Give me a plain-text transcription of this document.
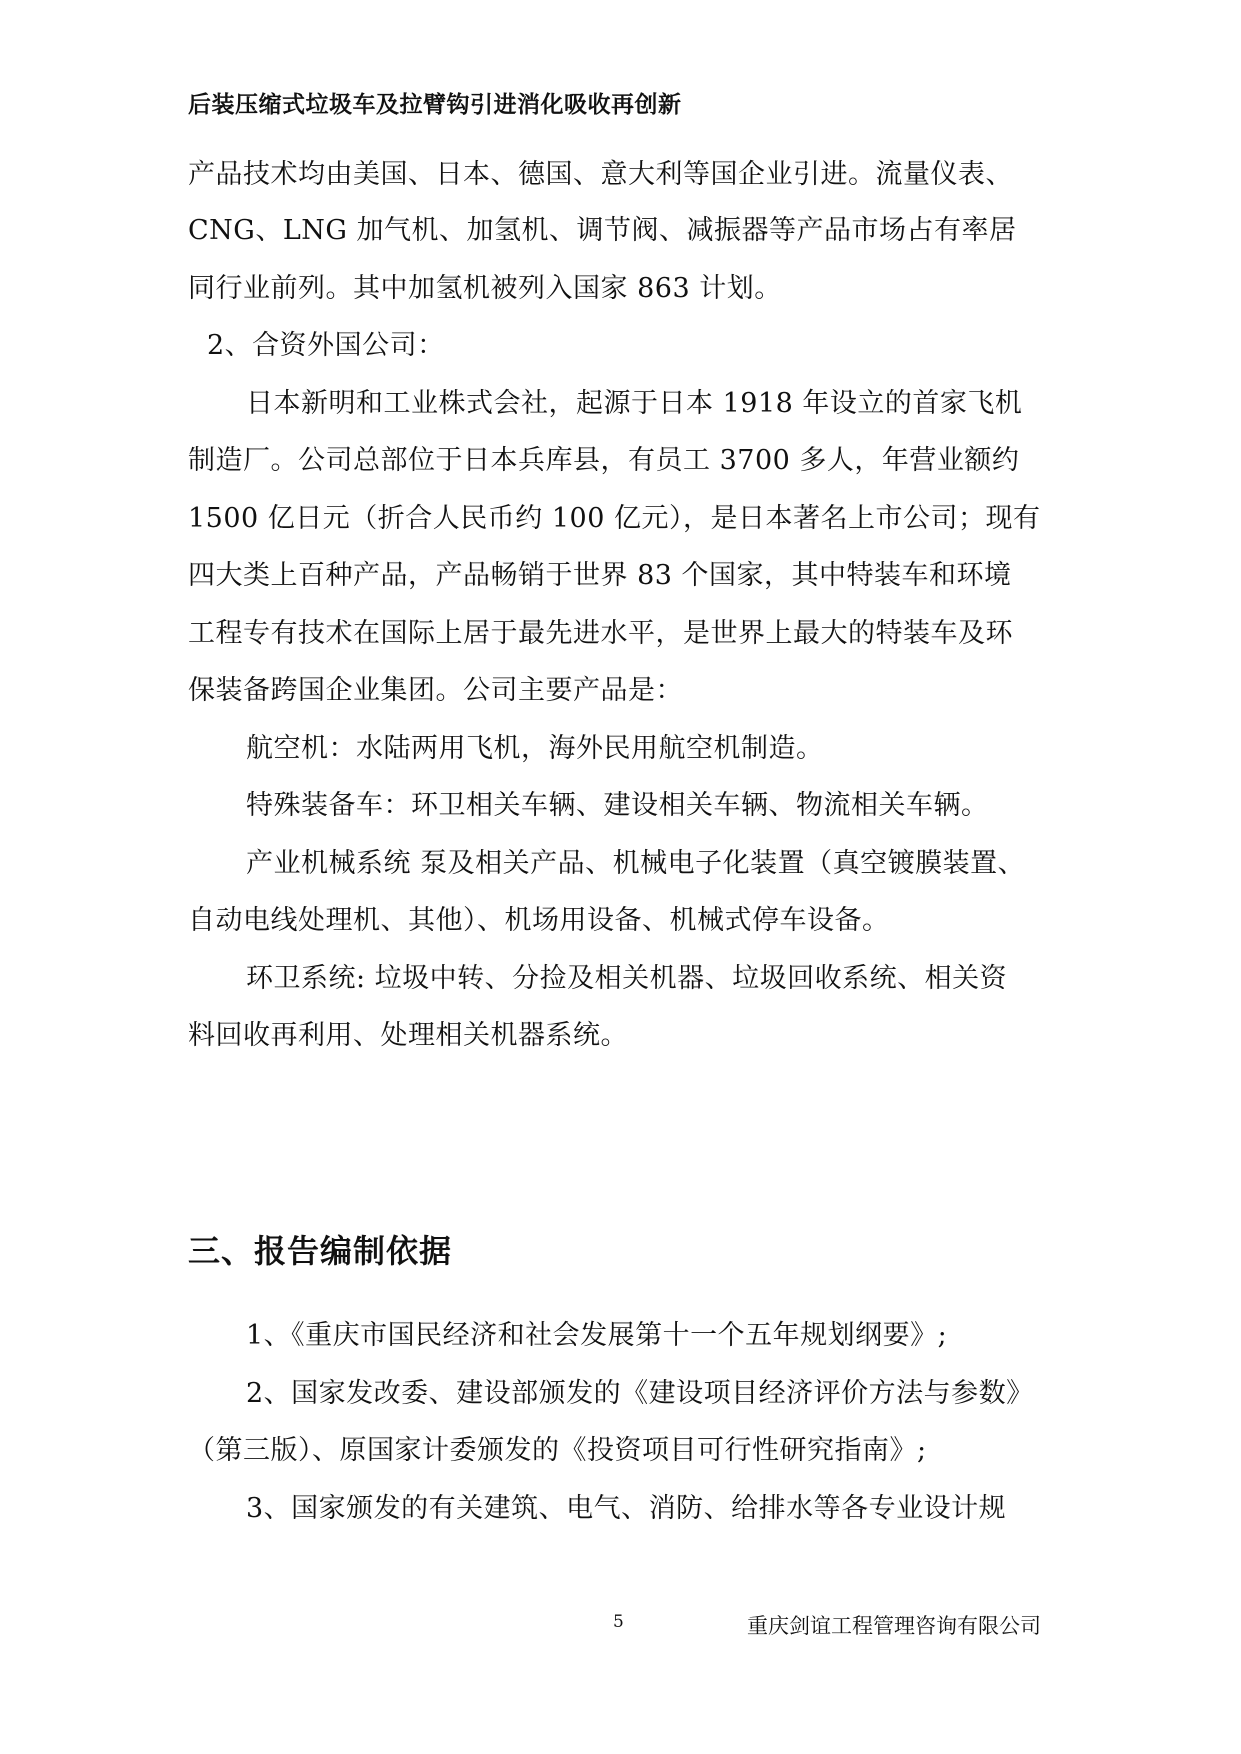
后装压缩式垃圾车及拉臂钩引进消化吸收再创新
产品技术均由美国、日本、德国、意大利等国企业引进。流量仪表、
CNG、LNG 加气机、加氢机、调节阀、减振器等产品市场占有率居
同行业前列。其中加氢机被列入国家 863 计划。
2、合资外国公司：
日本新明和工业株式会社，起源于日本 1918 年设立的首家飞机
制造厂。公司总部位于日本兵库县，有员工 3700 多人，年营业额约
1500 亿日元（折合人民币约 100 亿元），是日本著名上市公司；现有
四大类上百种产品，产品畅销于世界 83 个国家，其中特装车和环境
工程专有技术在国际上居于最先进水平，是世界上最大的特装车及环
保装备跨国企业集团。公司主要产品是：
航空机：水陆两用飞机，海外民用航空机制造。
特殊装备车：环卫相关车辆、建设相关车辆、物流相关车辆。
产业机械系统 泵及相关产品、机械电子化装置（真空镀膜装置、
自动电线处理机、其他）、机场用设备、机械式停车设备。
环卫系统: 垃圾中转、分捡及相关机器、垃圾回收系统、相关资
料回收再利用、处理相关机器系统。
三、报告编制依据
1、《重庆市国民经济和社会发展第十一个五年规划纲要》;
2、国家发改委、建设部颁发的《建设项目经济评价方法与参数》
（第三版）、原国家计委颁发的《投资项目可行性研究指南》;
3、国家颁发的有关建筑、电气、消防、给排水等各专业设计规
5	重庆剑谊工程管理咨询有限公司
